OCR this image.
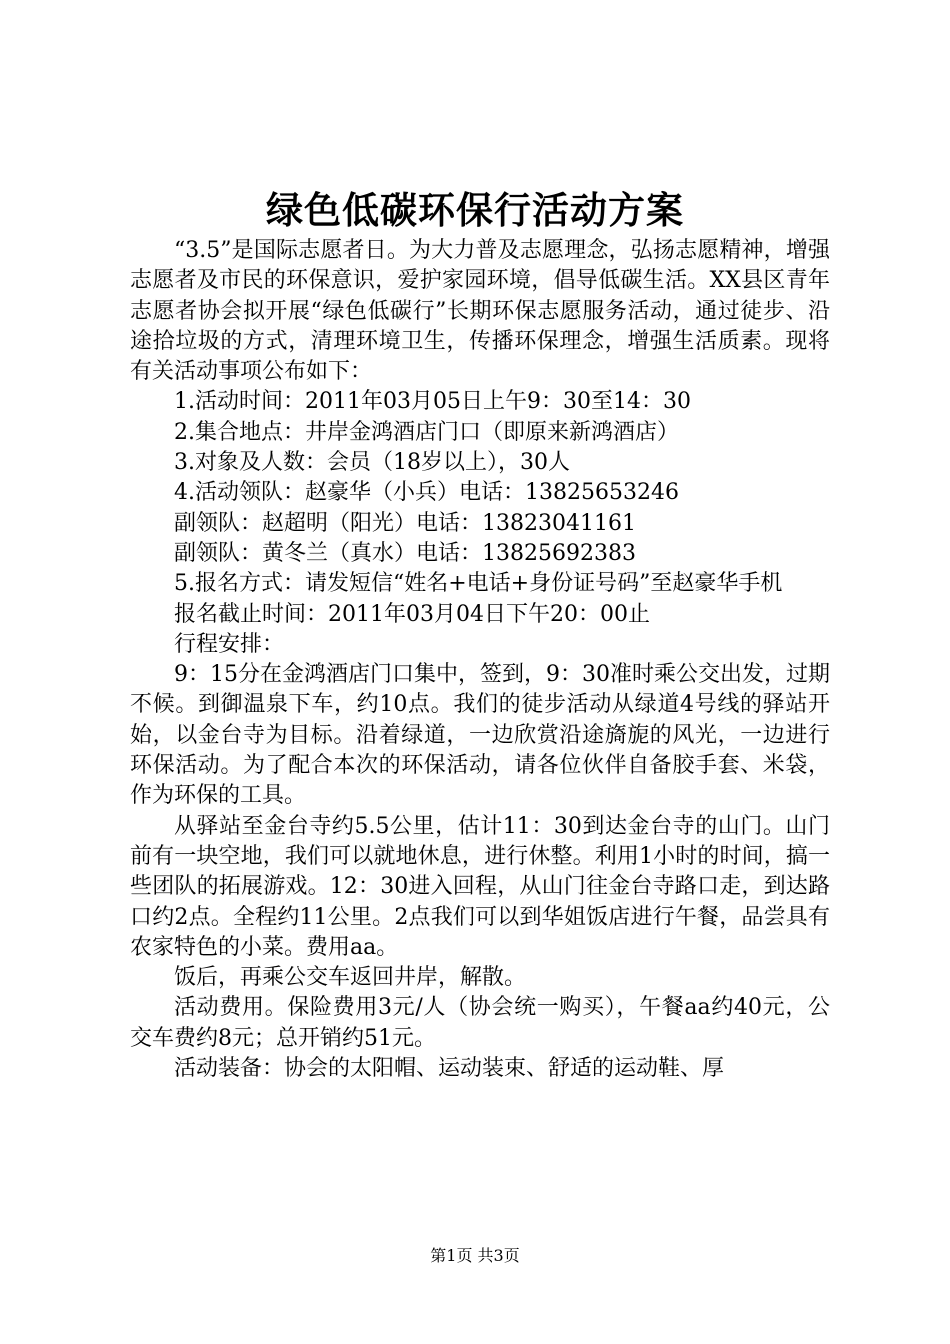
绿色低碳环保行活动方案

“3.5”是国际志愿者日。为大力普及志愿理念，弘扬志愿精神，增强志愿者及市民的环保意识，爱护家园环境，倡导低碳生活。XX县区青年志愿者协会拟开展“绿色低碳行”长期环保志愿服务活动，通过徒步、沿途拾垃圾的方式，清理环境卫生，传播环保理念，增强生活质素。现将有关活动事项公布如下：

1.活动时间：2011年03月05日上午9：30至14：30

2.集合地点：井岸金鸿酒店门口（即原来新鸿酒店）

3.对象及人数：会员（18岁以上），30人

4.活动领队：赵豪华（小兵）电话：13825653246

副领队：赵超明（阳光）电话：13823041161

副领队：黄冬兰（真水）电话：13825692383

5.报名方式：请发短信“姓名+电话+身份证号码”至赵豪华手机

报名截止时间：2011年03月04日下午20：00止

行程安排：

9：15分在金鸿酒店门口集中，签到，9：30准时乘公交出发，过期不候。到御温泉下车，约10点。我们的徒步活动从绿道4号线的驿站开始，以金台寺为目标。沿着绿道，一边欣赏沿途旖旎的风光，一边进行环保活动。为了配合本次的环保活动，请各位伙伴自备胶手套、米袋，作为环保的工具。

从驿站至金台寺约5.5公里，估计11：30到达金台寺的山门。山门前有一块空地，我们可以就地休息，进行休整。利用1小时的时间，搞一些团队的拓展游戏。12：30进入回程，从山门往金台寺路口走，到达路口约2点。全程约11公里。2点我们可以到华姐饭店进行午餐，品尝具有农家特色的小菜。费用aa。

饭后，再乘公交车返回井岸，解散。

活动费用。保险费用3元/人（协会统一购买），午餐aa约40元，公交车费约8元；总开销约51元。

活动装备：协会的太阳帽、运动装束、舒适的运动鞋、厚

第1页 共3页
